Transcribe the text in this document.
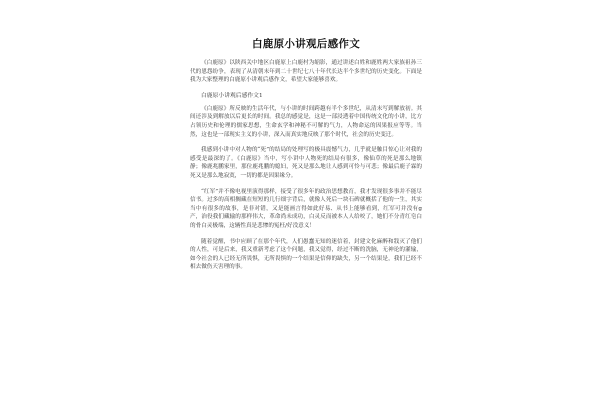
白鹿原小讲观后感作文

《白鹿原》以陕西关中地区白鹿原上白鹿村为缩影，通过讲述白姓和鹿姓两大家族祖孙三代的恩怨纷争，表现了从清朝末年到二十世纪七八十年代长达半个多世纪的历史变化。下面是我为大家整理的白鹿原小讲观后感作文，希望大家能够喜欢。

白鹿原小讲观后感作文1

《白鹿原》所反映的生活年代，与小讲的时间跨越有半个多世纪，从清末写到解放初。其间还涉及到解放以后更长的时间。我总的感觉是，这是一部浸透着中国传统文化的小讲，比方占领历史和伦理的儒家思想，生命玄学和神秘不可解的气力，人物命运的因果报应等等。当然，这也是一部现实主义的小讲，深入而真实地反映了那个时代，社会的历史变迁。

我感到小讲中对人物的“死”的结局的处理写的极具震憾气力，几乎就是触目惊心让对我的感受是最深的了。《白鹿原》当中，写小讲中人物死的结局有很多，像仙草的死是那么地镇静；像鹿兆鹏家里，那位鹿兆鹏的媳妇，死又是那么地让人感到可怜与可悲；像最后鹿子霖的死又是那么地寂寞，一切的都是因果缘分。

“红军”并不像电视里演得那样，接受了很多年的政治思想教育，我才发现很多事并不能尽信书。过多的高相搁藏在短短的几行细字背后，就像人死后一块石碑就概括了他的一生，其实当中有很多的故事，是非对错，又是能画言得如此好易、从书上能够看到，红军可并没有g产，治役我们藏输的那样伟大，革命尚未成功，白灵反而被本人人给咬了，她们不分青红皂白的骨白灵极端，这辆性真是悲惨的冤枉/好没意义！

随着觉醒，书中应顾了在那个年代，人们愚蠢无知的迷信着，封建文化麻醉和戕灭了他们的人性，可是后来，我又重新考虑了这个问题，我又觉得，经过不断的洗脑，无神论的灌输，如今社会的人已经无所畏惧，无所畏惧的一个结果是信仰的缺失，另一个结果是，我们已经不相去做伤天害理的事。
